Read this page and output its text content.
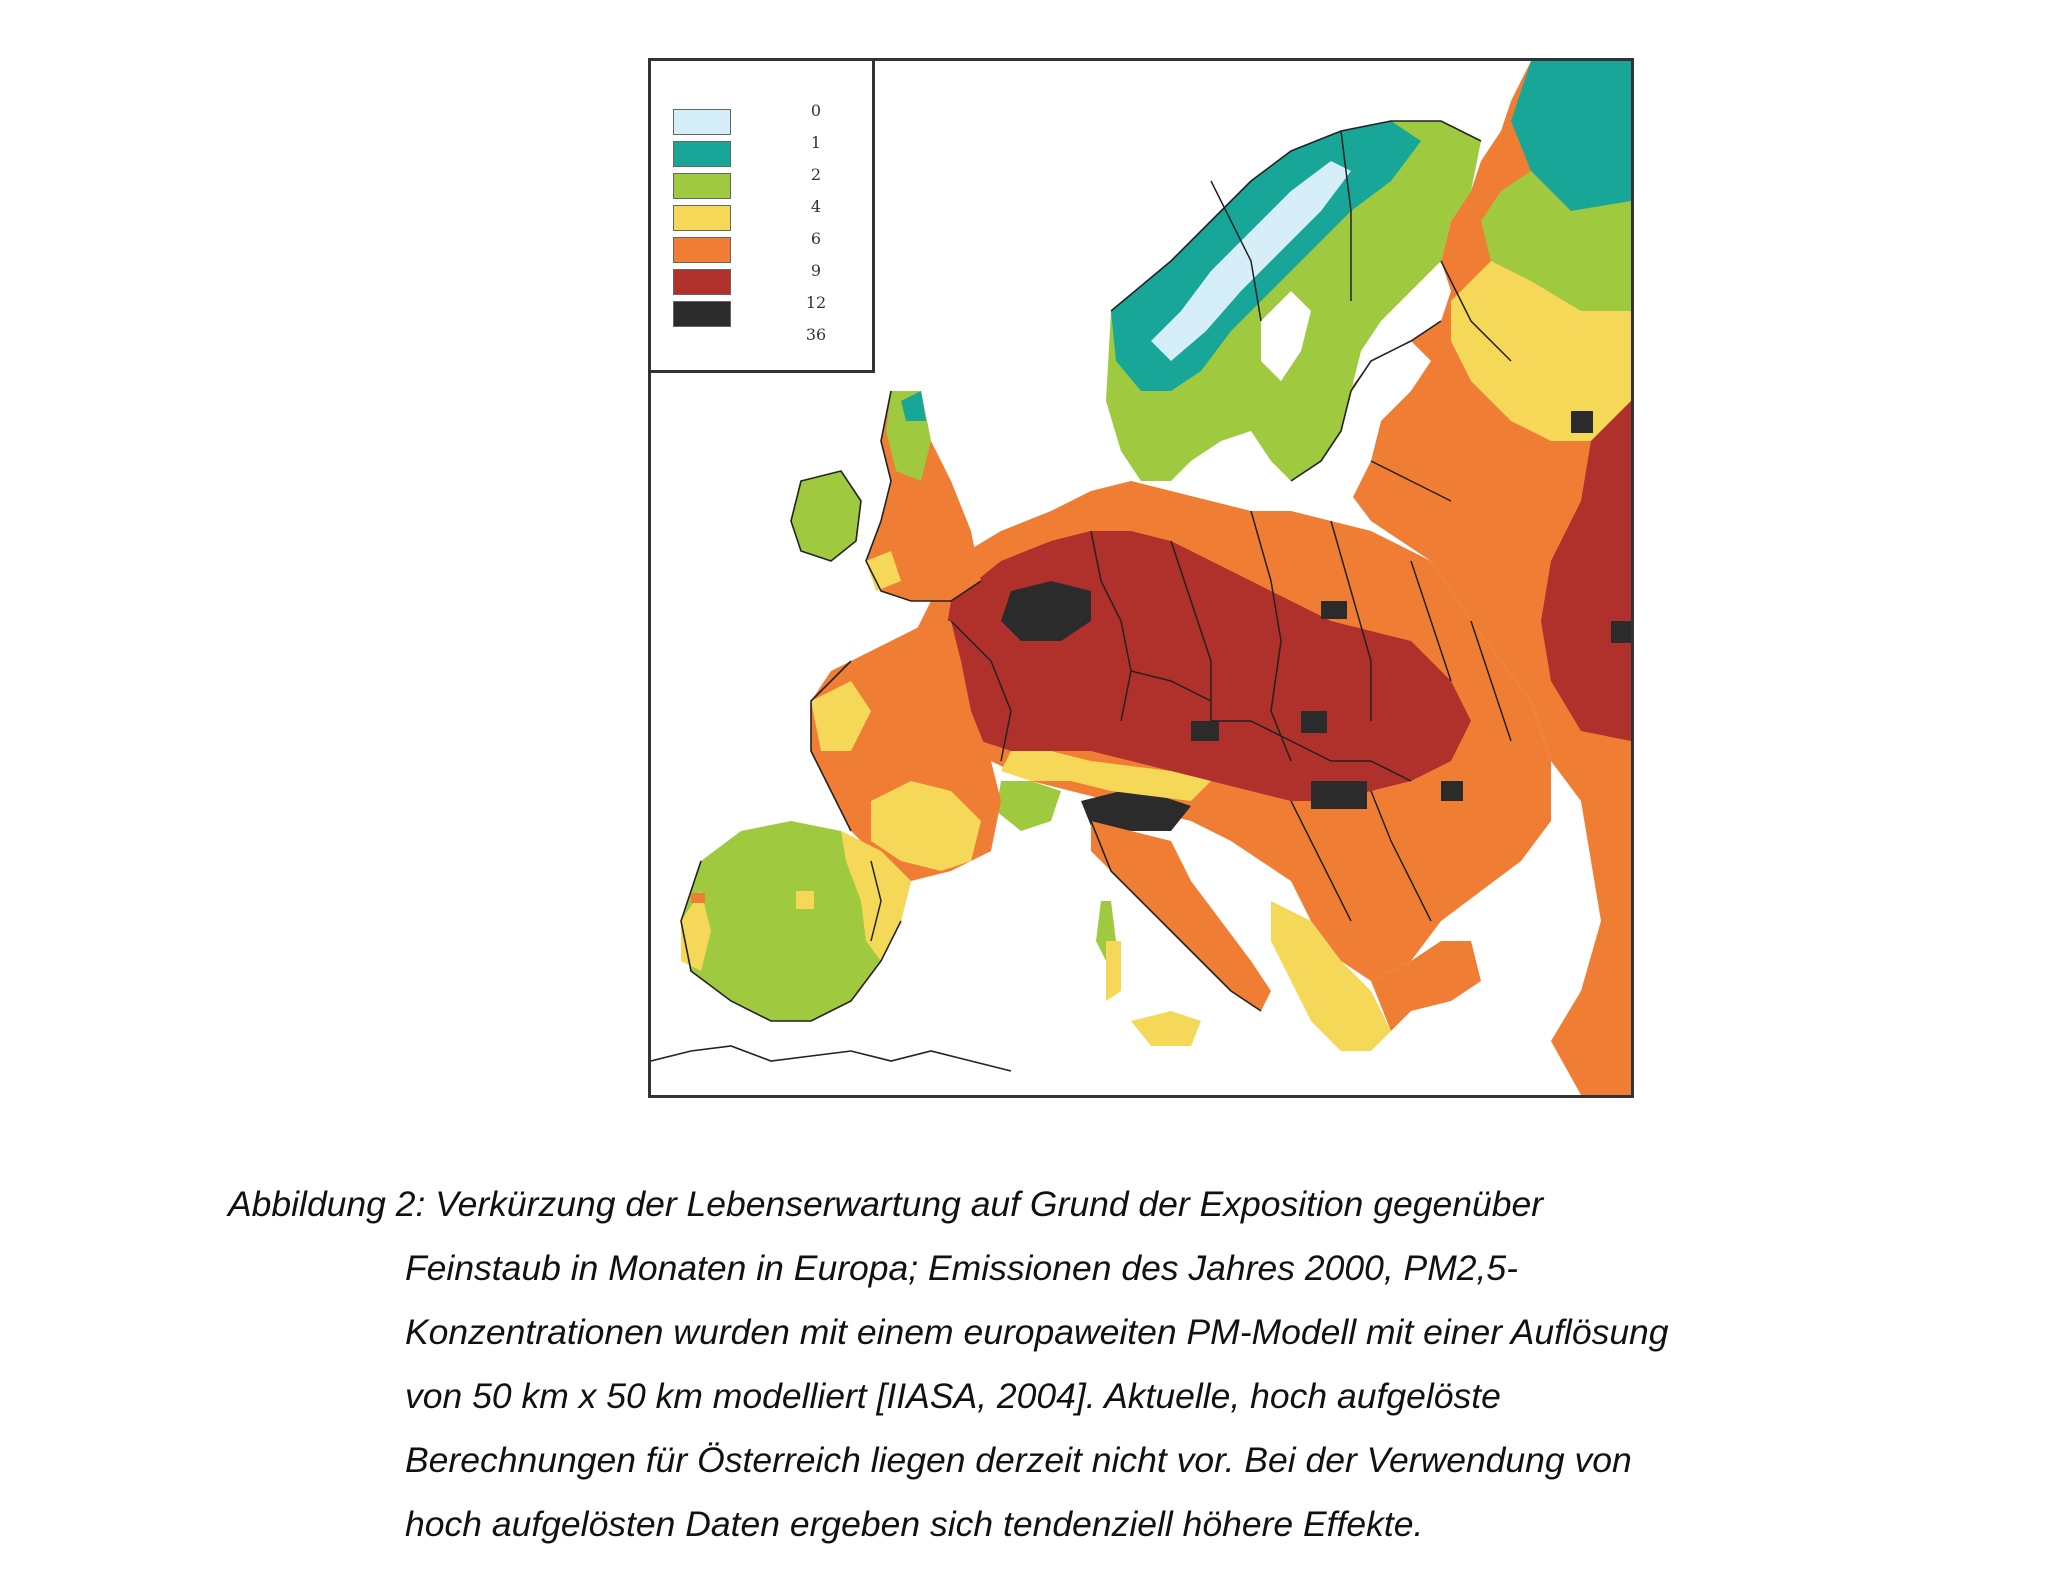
0
1
2
4
6
9
12
36
Abbildung 2: Verkürzung der Lebenserwartung auf Grund der Exposition gegenüber
Feinstaub in Monaten in Europa; Emissionen des Jahres 2000, PM2,5-
Konzentrationen wurden mit einem europaweiten PM-Modell mit einer Auflösung
von 50 km x 50 km modelliert [IIASA, 2004]. Aktuelle, hoch aufgelöste
Berechnungen für Österreich liegen derzeit nicht vor. Bei der Verwendung von
hoch aufgelösten Daten ergeben sich tendenziell höhere Effekte.
